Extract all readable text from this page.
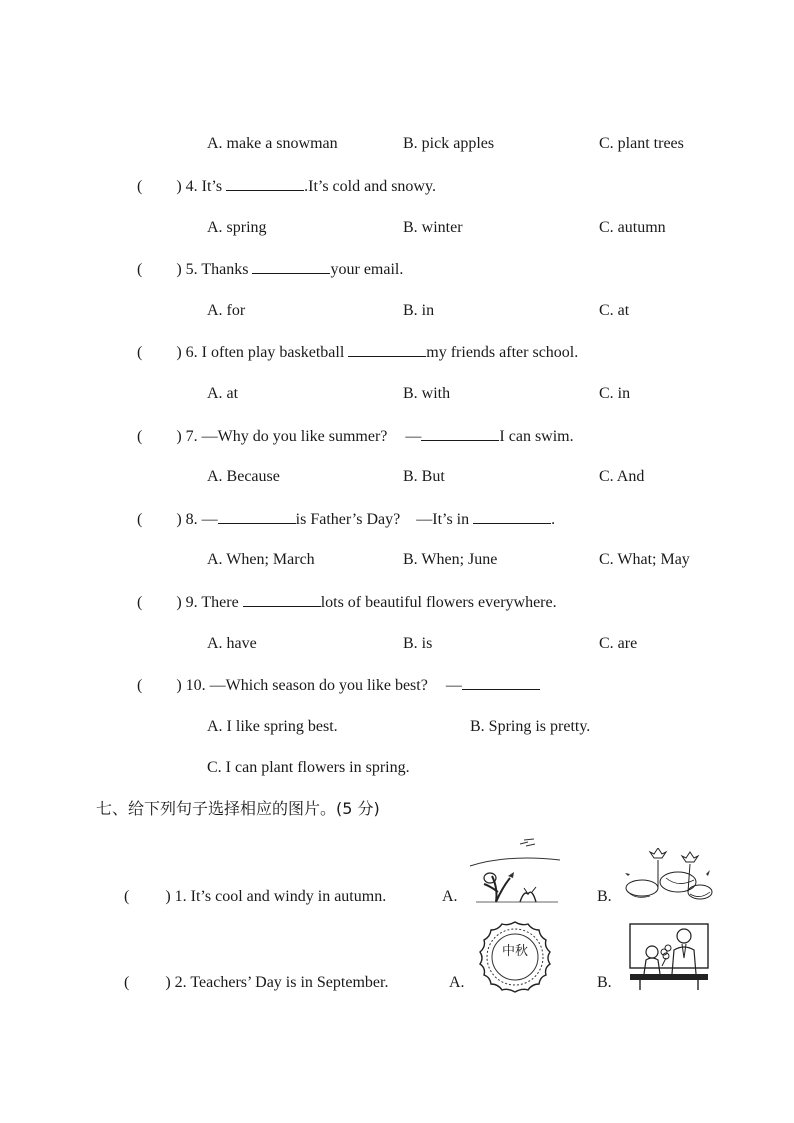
A. make a snowman	B. pick apples	C. plant trees
( ) 4. It’s	.It’s cold and snowy.
A. spring	B. winter	C. autumn
( ) 5. Thanks	your email.
A. for	B. in	C. at
( ) 6. I often play basketball	my friends after school.
A. at	B. with	C. in
( ) 7. —Why do you like summer? —	I can swim.
A. Because	B. But	C. And
( ) 8. —	is Father’s Day? —It’s in	.
A. When; March	B. When; June	C. What; May
( ) 9. There	lots of beautiful flowers everywhere.
A. have	B. is	C. are
( ) 10. —Which season do you like best? —
A. I like spring best.	B. Spring is pretty.
C. I can plant flowers in spring.
七、给下列句子选择相应的图片。(5 分)
( ) 1. It’s cool and windy in autumn.	A.	B.
( ) 2. Teachers’ Day is in September.	A.	B.
中秋
